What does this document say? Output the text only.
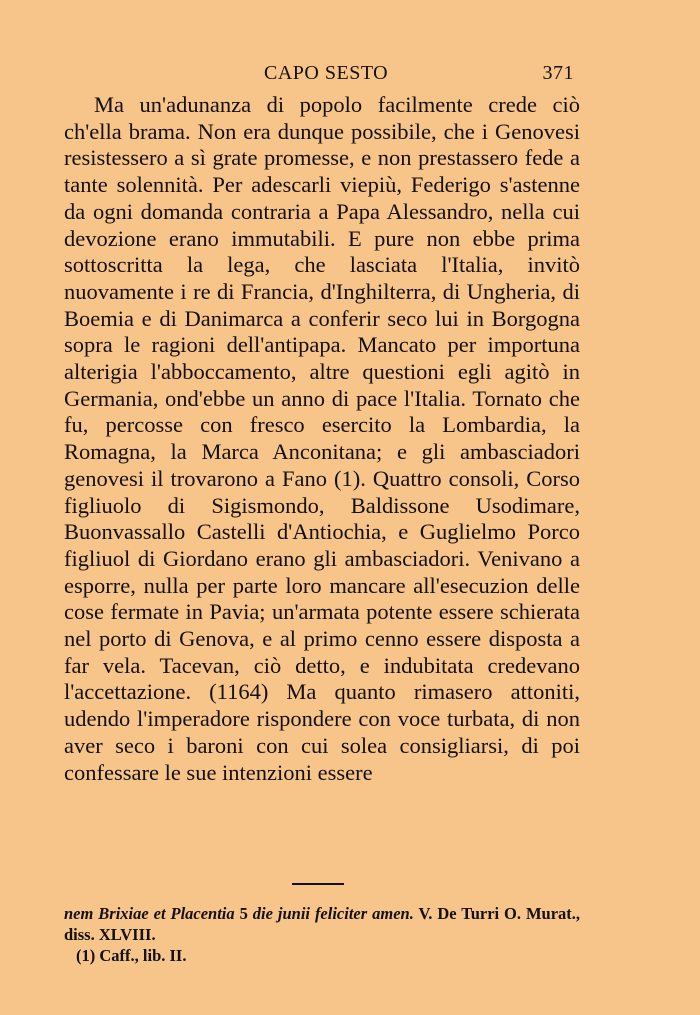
CAPO SESTO	371

Ma un'adunanza di popolo facilmente crede ciò ch'ella brama. Non era dunque possibile, che i Genovesi resistessero a sì grate promesse, e non prestassero fede a tante solennità. Per adescarli viepiù, Federigo s'astenne da ogni domanda contraria a Papa Alessandro, nella cui devozione erano immutabili. E pure non ebbe prima sottoscritta la lega, che lasciata l'Italia, invitò nuovamente i re di Francia, d'Inghilterra, di Ungheria, di Boemia e di Danimarca a conferir seco lui in Borgogna sopra le ragioni dell'antipapa. Mancato per importuna alterigia l'abboccamento, altre questioni egli agitò in Germania, ond'ebbe un anno di pace l'Italia. Tornato che fu, percosse con fresco esercito la Lombardia, la Romagna, la Marca Anconitana; e gli ambasciadori genovesi il trovarono a Fano (1). Quattro consoli, Corso figliuolo di Sigismondo, Baldissone Usodimare, Buonvassallo Castelli d'Antiochia, e Guglielmo Porco figliuol di Giordano erano gli ambasciadori. Venivano a esporre, nulla per parte loro mancare all'esecuzion delle cose fermate in Pavia; un'armata potente essere schierata nel porto di Genova, e al primo cenno essere disposta a far vela. Tacevan, ciò detto, e indubitata credevano l'accettazione. (1164) Ma quanto rimasero attoniti, udendo l'imperadore rispondere con voce turbata, di non aver seco i baroni con cui solea consigliarsi, di poi confessare le sue intenzioni essere

nem Brixiae et Placentia 5 die junii feliciter amen. V. De Turri O. Murat., diss. XLVIII.

(1) Caff., lib. II.
